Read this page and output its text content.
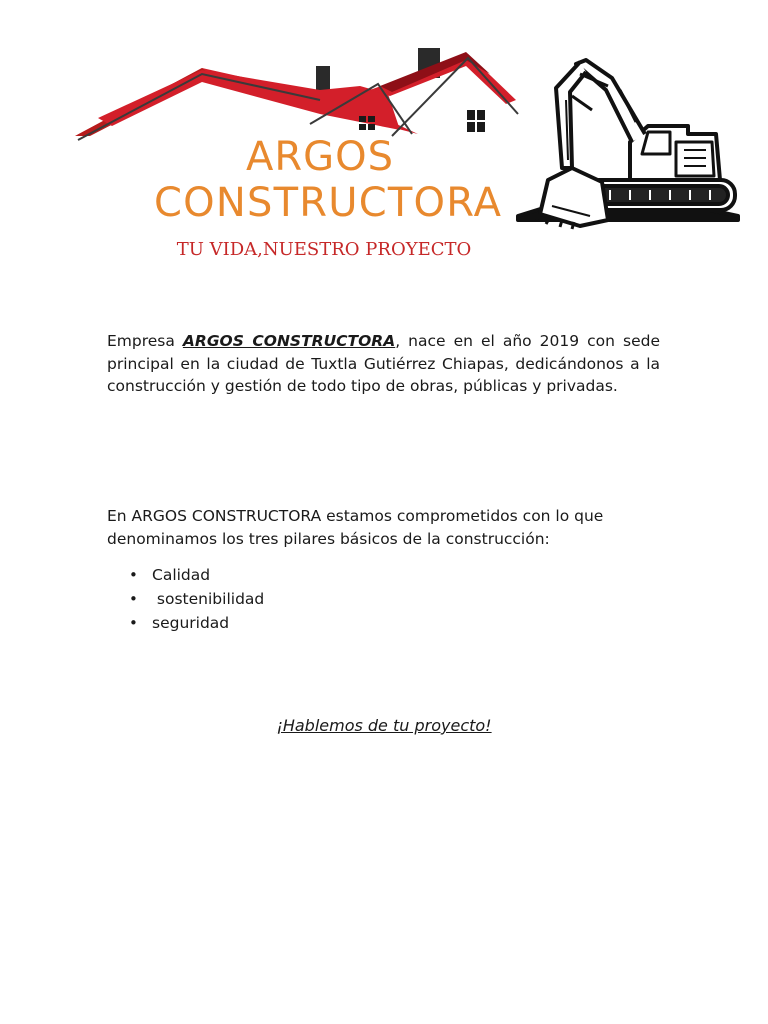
ARGOS
CONSTRUCTORA
TU VIDA,NUESTRO PROYECTO

Empresa ARGOS CONSTRUCTORA, nace en el año 2019 con sede principal en la ciudad de Tuxtla Gutiérrez Chiapas, dedicándonos a la construcción y gestión de todo tipo de obras, públicas y privadas.

En ARGOS CONSTRUCTORA estamos comprometidos con lo que denominamos los tres pilares básicos de la construcción:

• Calidad
•  sostenibilidad
• seguridad
¡Hablemos de tu proyecto!
